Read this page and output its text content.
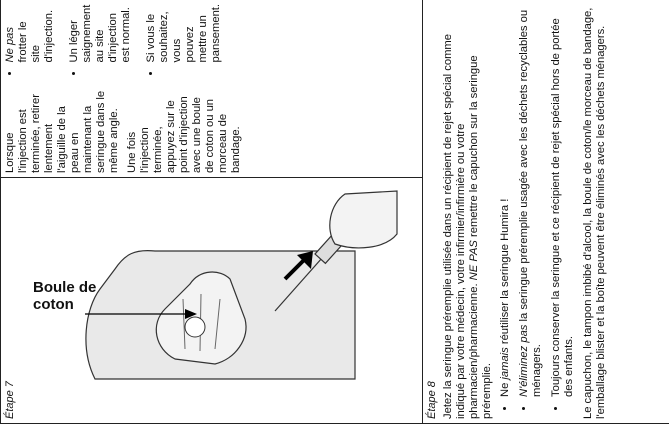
Étape 7
Boule de coton

Lorsque l'injection est terminée, retirer lentement l'aiguille de la peau en maintenant la seringue dans le même angle. Une fois l'injection terminée, appuyez sur le point d'injection avec une boule de coton ou un morceau de bandage.

• Ne pas frotter le site d'injection. • Un léger saignement au site d'injection est normal. • Si vous le souhaitez, vous pouvez mettre un pansement.

Étape 8 Jetez la seringue préremplie utilisée dans un récipient de rejet spécial comme indiqué par votre médecin, votre infirmier/infirmière ou votre pharmacien/pharmacienne. NE PAS remettre le capuchon sur la seringue préremplie. • Ne jamais réutiliser la seringue Humira !
• N'éliminez pas la seringue préremplie usagée avec les déchets recyclables ou ménagers. • Toujours conserver la seringue et ce récipient de rejet spécial hors de portée des enfants. Le capuchon, le tampon imbibé d'alcool, la boule de coton/le morceau de bandage, l'emballage blister et la boîte peuvent être éliminés avec les déchets ménagers.
